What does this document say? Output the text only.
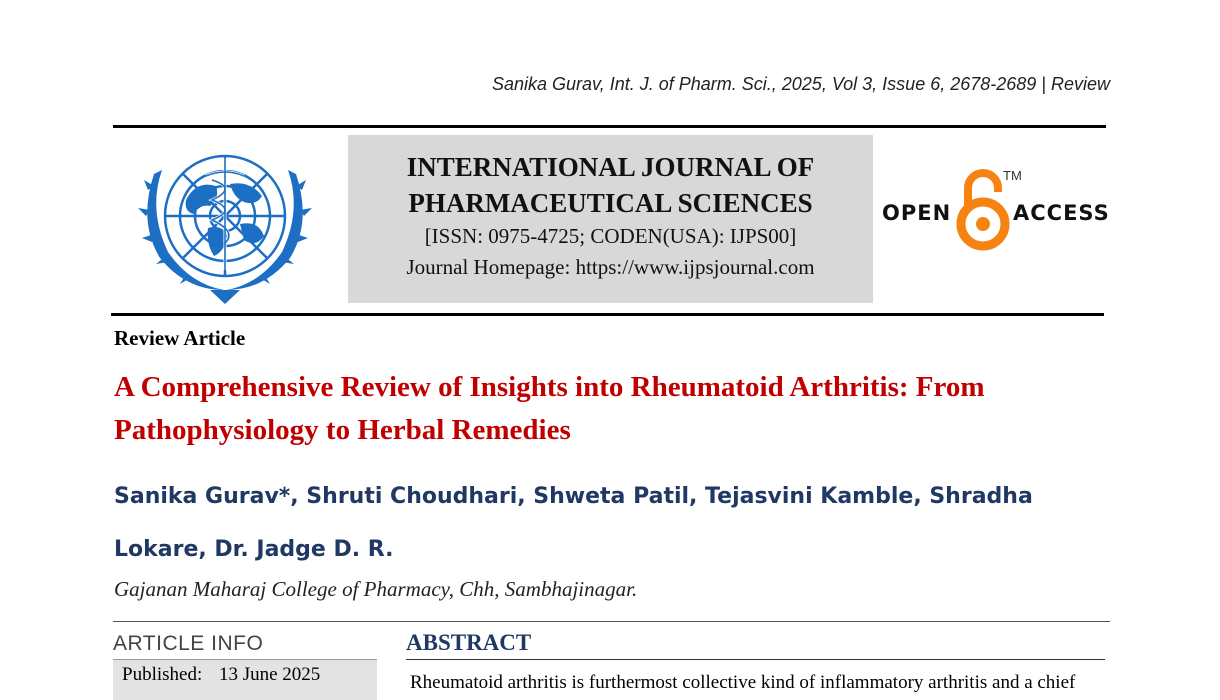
Sanika Gurav, Int. J. of Pharm. Sci., 2025, Vol 3, Issue 6, 2678-2689 | Review
INTERNATIONAL JOURNAL OF
PHARMACEUTICAL SCIENCES
[ISSN: 0975-4725; CODEN(USA): IJPS00]
Journal Homepage: https://www.ijpsjournal.com
OPEN
TM
ACCESS
Review Article
A Comprehensive Review of Insights into Rheumatoid Arthritis: From Pathophysiology to Herbal Remedies
Sanika Gurav*, Shruti Choudhari, Shweta Patil, Tejasvini Kamble, Shradha Lokare, Dr. Jadge D. R.
Gajanan Maharaj College of Pharmacy, Chh, Sambhajinagar.
ARTICLE INFO
Published: 13 June 2025
ABSTRACT
Rheumatoid arthritis is furthermost collective kind of inflammatory arthritis and a chief
